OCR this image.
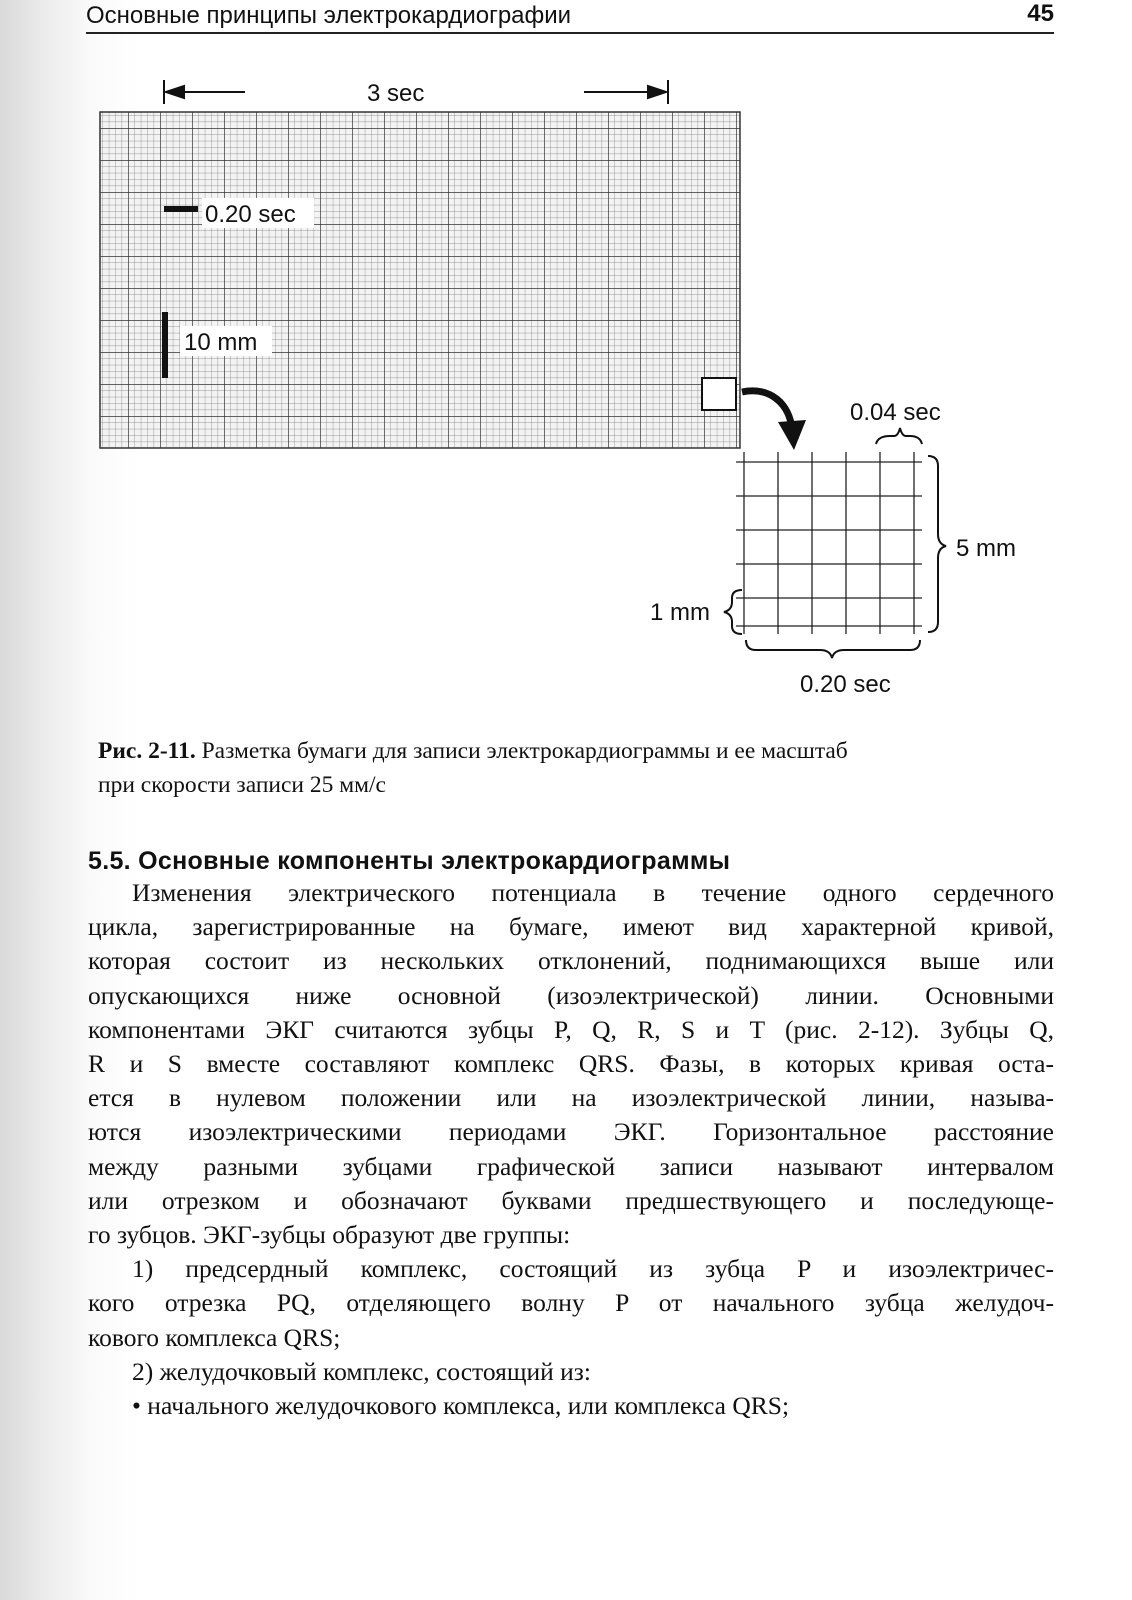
Основные принципы электрокардиографии	45
3 sec
0.20 sec
10 mm
0.04 sec
5 mm
1 mm
0.20 sec
Рис. 2-11. Разметка бумаги для записи электрокардиограммы и ее масштаб
при скорости записи 25 мм/с
5.5. Основные компоненты электрокардиограммы
Изменения электрического потенциала в течение одного сердечного
цикла, зарегистрированные на бумаге, имеют вид характерной кривой,
которая состоит из нескольких отклонений, поднимающихся выше или
опускающихся ниже основной (изоэлектрической) линии. Основными
компонентами ЭКГ считаются зубцы P, Q, R, S и T (рис. 2-12). Зубцы Q,
R и S вместе составляют комплекс QRS. Фазы, в которых кривая оста-
ется в нулевом положении или на изоэлектрической линии, называ-
ются изоэлектрическими периодами ЭКГ. Горизонтальное расстояние
между разными зубцами графической записи называют интервалом
или отрезком и обозначают буквами предшествующего и последующе-
го зубцов. ЭКГ-зубцы образуют две группы:
1) предсердный комплекс, состоящий из зубца P и изоэлектричес-
кого отрезка PQ, отделяющего волну P от начального зубца желудоч-
кового комплекса QRS;
2) желудочковый комплекс, состоящий из:
• начального желудочкового комплекса, или комплекса QRS;
